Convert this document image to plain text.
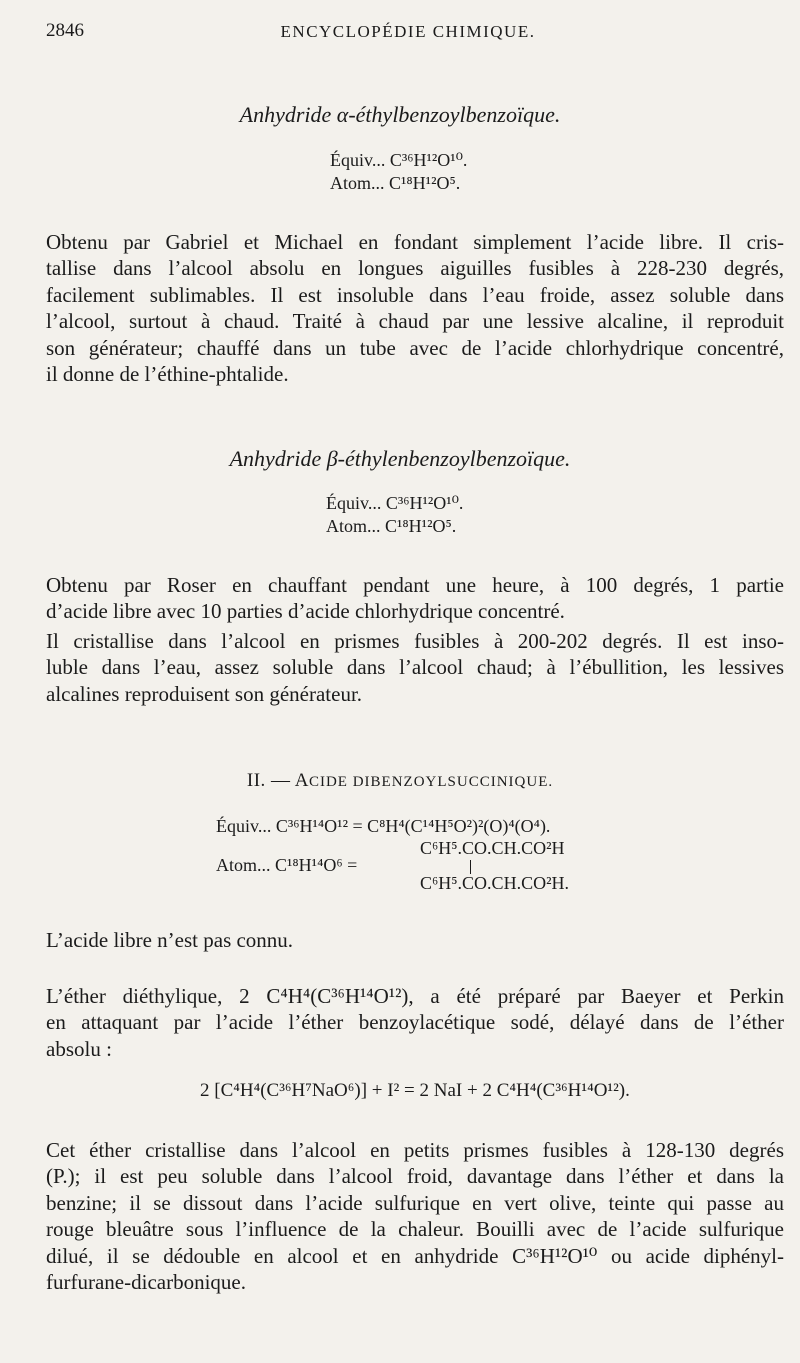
2846	ENCYCLOPÉDIE CHIMIQUE.
Anhydride α-éthylbenzoylbenzoïque.
Équiv... C³⁶H¹²O¹⁰.
Atom... C¹⁸H¹²O⁵.
Obtenu par Gabriel et Michael en fondant simplement l’acide libre. Il cris-
tallise dans l’alcool absolu en longues aiguilles fusibles à 228-230 degrés,
facilement sublimables. Il est insoluble dans l’eau froide, assez soluble dans
l’alcool, surtout à chaud. Traité à chaud par une lessive alcaline, il reproduit
son générateur; chauffé dans un tube avec de l’acide chlorhydrique concentré,
il donne de l’éthine-phtalide.
Anhydride β-éthylenbenzoylbenzoïque.
Équiv... C³⁶H¹²O¹⁰.
Atom... C¹⁸H¹²O⁵.
Obtenu par Roser en chauffant pendant une heure, à 100 degrés, 1 partie
d’acide libre avec 10 parties d’acide chlorhydrique concentré.
Il cristallise dans l’alcool en prismes fusibles à 200-202 degrés. Il est inso-
luble dans l’eau, assez soluble dans l’alcool chaud; à l’ébullition, les lessives
alcalines reproduisent son générateur.
II. — ACIDE DIBENZOYLSUCCINIQUE.
Équiv... C³⁶H¹⁴O¹² = C⁸H⁴(C¹⁴H⁵O²)²(O)⁴(O⁴).
C⁶H⁵.CO.CH.CO²H
Atom... C¹⁸H¹⁴O⁶ =
C⁶H⁵.CO.CH.CO²H.
L’acide libre n’est pas connu.
L’éther diéthylique, 2 C⁴H⁴(C³⁶H¹⁴O¹²), a été préparé par Baeyer et Perkin
en attaquant par l’acide l’éther benzoylacétique sodé, délayé dans de l’éther
absolu :
2 [C⁴H⁴(C³⁶H⁷NaO⁶)] + I² = 2 NaI + 2 C⁴H⁴(C³⁶H¹⁴O¹²).
Cet éther cristallise dans l’alcool en petits prismes fusibles à 128-130 degrés
(P.); il est peu soluble dans l’alcool froid, davantage dans l’éther et dans la
benzine; il se dissout dans l’acide sulfurique en vert olive, teinte qui passe au
rouge bleuâtre sous l’influence de la chaleur. Bouilli avec de l’acide sulfurique
dilué, il se dédouble en alcool et en anhydride C³⁶H¹²O¹⁰ ou acide diphényl-
furfurane-dicarbonique.
